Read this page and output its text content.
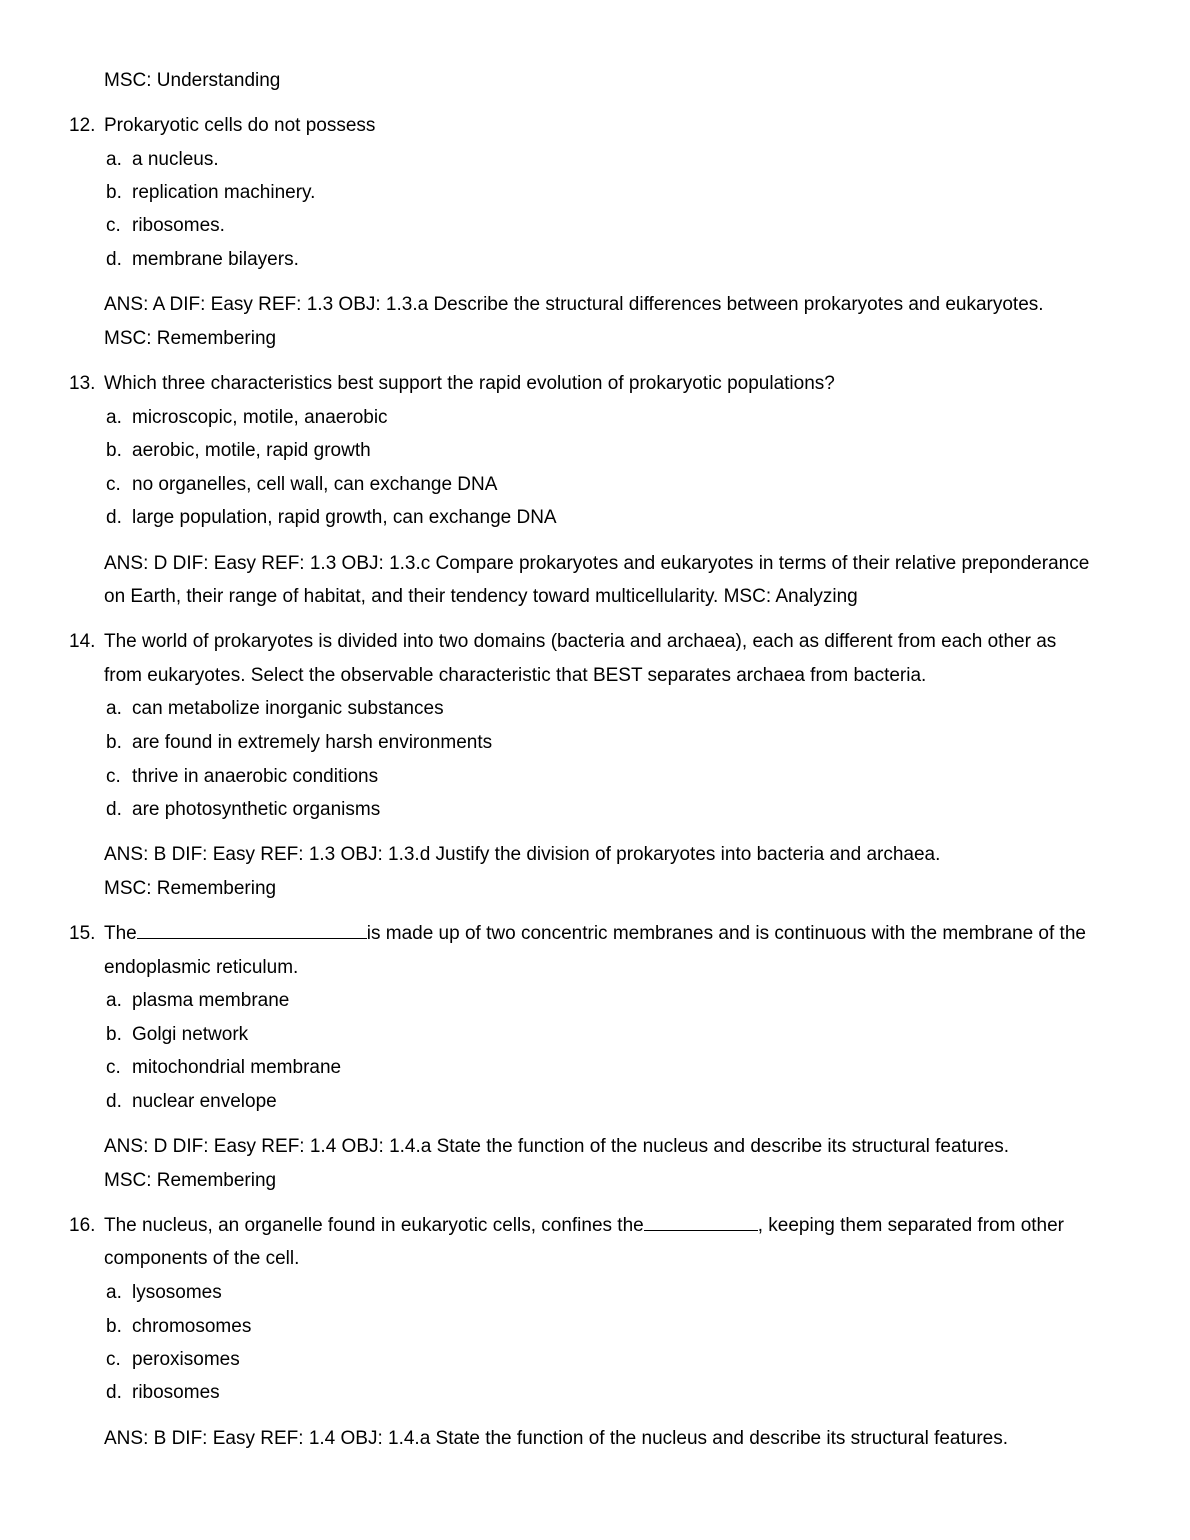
MSC: Understanding
12. Prokaryotic cells do not possess
a. a nucleus.
b. replication machinery.
c. ribosomes.
d. membrane bilayers.
ANS: A DIF: Easy REF: 1.3 OBJ: 1.3.a Describe the structural differences between prokaryotes and eukaryotes.
MSC: Remembering
13. Which three characteristics best support the rapid evolution of prokaryotic populations?
a. microscopic, motile, anaerobic
b. aerobic, motile, rapid growth
c. no organelles, cell wall, can exchange DNA
d. large population, rapid growth, can exchange DNA
ANS: D DIF: Easy REF: 1.3 OBJ: 1.3.c Compare prokaryotes and eukaryotes in terms of their relative preponderance
on Earth, their range of habitat, and their tendency toward multicellularity. MSC: Analyzing
14. The world of prokaryotes is divided into two domains (bacteria and archaea), each as different from each other as
from eukaryotes. Select the observable characteristic that BEST separates archaea from bacteria.
a. can metabolize inorganic substances
b. are found in extremely harsh environments
c. thrive in anaerobic conditions
d. are photosynthetic organisms
ANS: B DIF: Easy REF: 1.3 OBJ: 1.3.d Justify the division of prokaryotes into bacteria and archaea.
MSC: Remembering
15. The	is made up of two concentric membranes and is continuous with the membrane of the
endoplasmic reticulum.
a. plasma membrane
b. Golgi network
c. mitochondrial membrane
d. nuclear envelope
ANS: D DIF: Easy REF: 1.4 OBJ: 1.4.a State the function of the nucleus and describe its structural features.
MSC: Remembering
16. The nucleus, an organelle found in eukaryotic cells, confines the	, keeping them separated from other
components of the cell.
a. lysosomes
b. chromosomes
c. peroxisomes
d. ribosomes
ANS: B DIF: Easy REF: 1.4 OBJ: 1.4.a State the function of the nucleus and describe its structural features.
